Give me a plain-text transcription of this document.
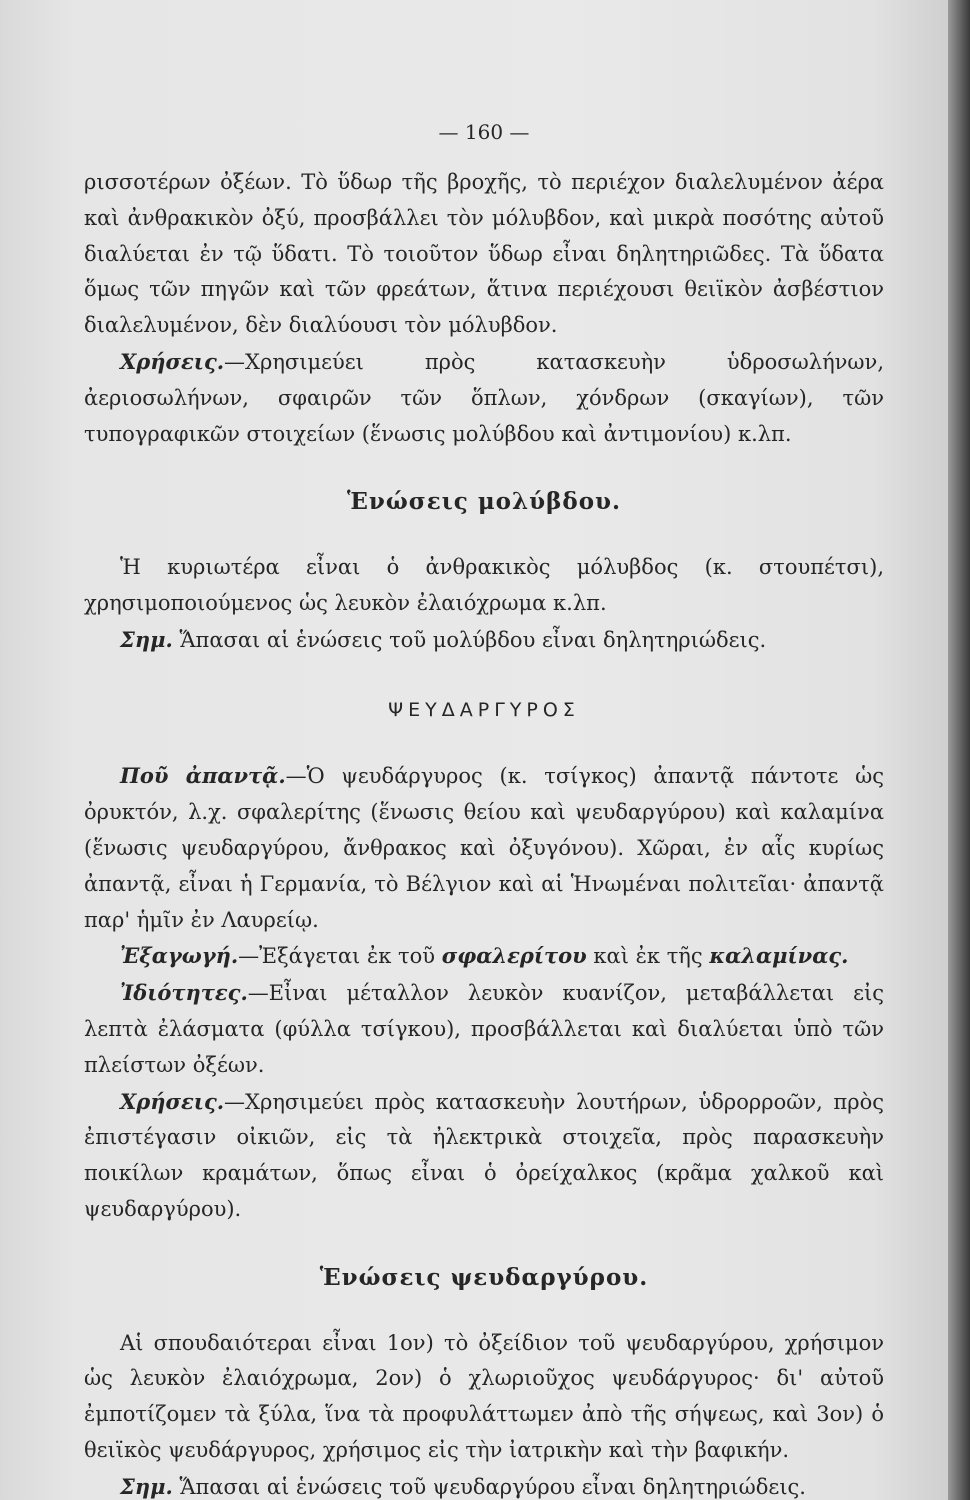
— 160 —

ρισσοτέρων ὀξέων. Τὸ ὕδωρ τῆς βροχῆς, τὸ περιέχον διαλελυμένον ἀέρα καὶ ἀνθρακικὸν ὀξύ, προσβάλλει τὸν μόλυβδον, καὶ μικρὰ ποσότης αὐτοῦ διαλύεται ἐν τῷ ὕδατι. Τὸ τοιοῦτον ὕδωρ εἶναι δηλητηριῶδες. Τὰ ὕδατα ὅμως τῶν πηγῶν καὶ τῶν φρεάτων, ἅτινα περιέχουσι θειϊκὸν ἀσβέστιον διαλελυμένον, δὲν διαλύουσι τὸν μόλυβδον.

Χρήσεις.—Χρησιμεύει πρὸς κατασκευὴν ὑδροσωλήνων, ἀεριοσωλήνων, σφαιρῶν τῶν ὅπλων, χόνδρων (σκαγίων), τῶν τυπογραφικῶν στοιχείων (ἕνωσις μολύβδου καὶ ἀντιμονίου) κ.λπ.

Ἑνώσεις μολύβδου.

Ἡ κυριωτέρα εἶναι ὁ ἀνθρακικὸς μόλυβδος (κ. στουπέτσι), χρησιμοποιούμενος ὡς λευκὸν ἐλαιόχρωμα κ.λπ.

Σημ. Ἅπασαι αἱ ἑνώσεις τοῦ μολύβδου εἶναι δηλητηριώδεις.

ΨΕΥΔΑΡΓΥΡΟΣ

Ποῦ ἀπαντᾷ.—Ὁ ψευδάργυρος (κ. τσίγκος) ἀπαντᾷ πάντοτε ὡς ὀρυκτόν, λ.χ. σφαλερίτης (ἕνωσις θείου καὶ ψευδαργύρου) καὶ καλαμίνα (ἕνωσις ψευδαργύρου, ἄνθρακος καὶ ὀξυγόνου). Χῶραι, ἐν αἷς κυρίως ἀπαντᾷ, εἶναι ἡ Γερμανία, τὸ Βέλγιον καὶ αἱ Ἡνωμέναι πολιτεῖαι· ἀπαντᾷ παρ' ἡμῖν ἐν Λαυρείῳ.

Ἐξαγωγή.—Ἐξάγεται ἐκ τοῦ σφαλερίτου καὶ ἐκ τῆς καλαμίνας.

Ἰδιότητες.—Εἶναι μέταλλον λευκὸν κυανίζον, μεταβάλλεται εἰς λεπτὰ ἐλάσματα (φύλλα τσίγκου), προσβάλλεται καὶ διαλύεται ὑπὸ τῶν πλείστων ὀξέων.

Χρήσεις.—Χρησιμεύει πρὸς κατασκευὴν λουτήρων, ὑδρορροῶν, πρὸς ἐπιστέγασιν οἰκιῶν, εἰς τὰ ἠλεκτρικὰ στοιχεῖα, πρὸς παρασκευὴν ποικίλων κραμάτων, ὅπως εἶναι ὁ ὀρείχαλκος (κρᾶμα χαλκοῦ καὶ ψευδαργύρου).

Ἑνώσεις ψευδαργύρου.

Αἱ σπουδαιότεραι εἶναι 1ον) τὸ ὀξείδιον τοῦ ψευδαργύρου, χρήσιμον ὡς λευκὸν ἐλαιόχρωμα, 2ον) ὁ χλωριοῦχος ψευδάργυρος· δι' αὐτοῦ ἐμποτίζομεν τὰ ξύλα, ἵνα τὰ προφυλάττωμεν ἀπὸ τῆς σήψεως, καὶ 3ον) ὁ θειϊκὸς ψευδάργυρος, χρήσιμος εἰς τὴν ἰατρικὴν καὶ τὴν βαφικήν.

Σημ. Ἅπασαι αἱ ἑνώσεις τοῦ ψευδαργύρου εἶναι δηλητηριώδεις.
